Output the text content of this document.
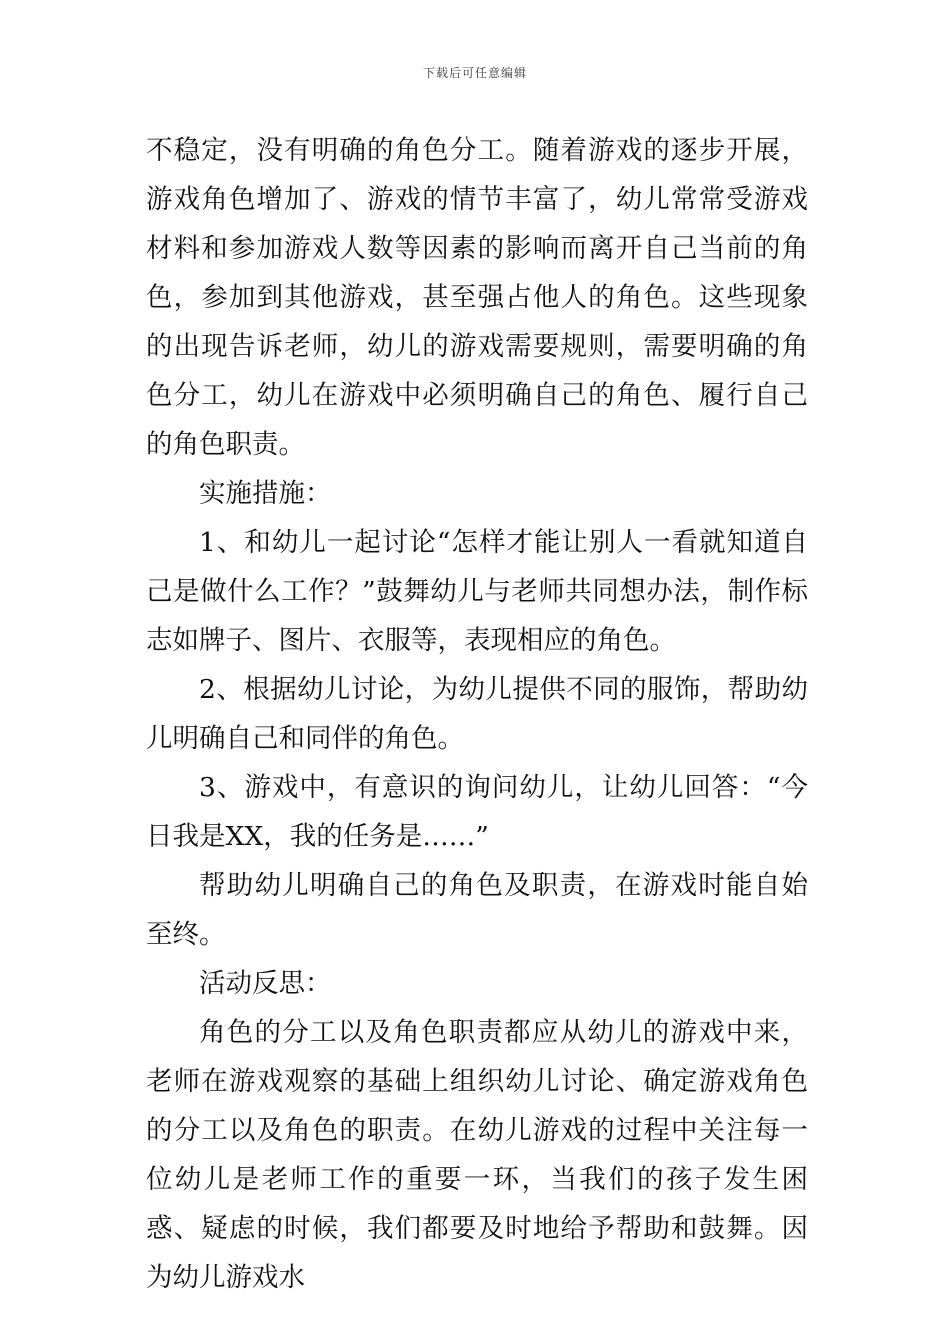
下载后可任意编辑

不稳定，没有明确的角色分工。随着游戏的逐步开展，游戏角色增加了、游戏的情节丰富了，幼儿常常受游戏材料和参加游戏人数等因素的影响而离开自己当前的角色，参加到其他游戏，甚至强占他人的角色。这些现象的出现告诉老师，幼儿的游戏需要规则，需要明确的角色分工，幼儿在游戏中必须明确自己的角色、履行自己的角色职责。

实施措施：

1、和幼儿一起讨论“怎样才能让别人一看就知道自己是做什么工作？”鼓舞幼儿与老师共同想办法，制作标志如牌子、图片、衣服等，表现相应的角色。

2、根据幼儿讨论，为幼儿提供不同的服饰，帮助幼儿明确自己和同伴的角色。

3、游戏中，有意识的询问幼儿，让幼儿回答：“今日我是XX，我的任务是……”

帮助幼儿明确自己的角色及职责，在游戏时能自始至终。

活动反思：

角色的分工以及角色职责都应从幼儿的游戏中来，老师在游戏观察的基础上组织幼儿讨论、确定游戏角色的分工以及角色的职责。在幼儿游戏的过程中关注每一位幼儿是老师工作的重要一环，当我们的孩子发生困惑、疑虑的时候，我们都要及时地给予帮助和鼓舞。因为幼儿游戏水
